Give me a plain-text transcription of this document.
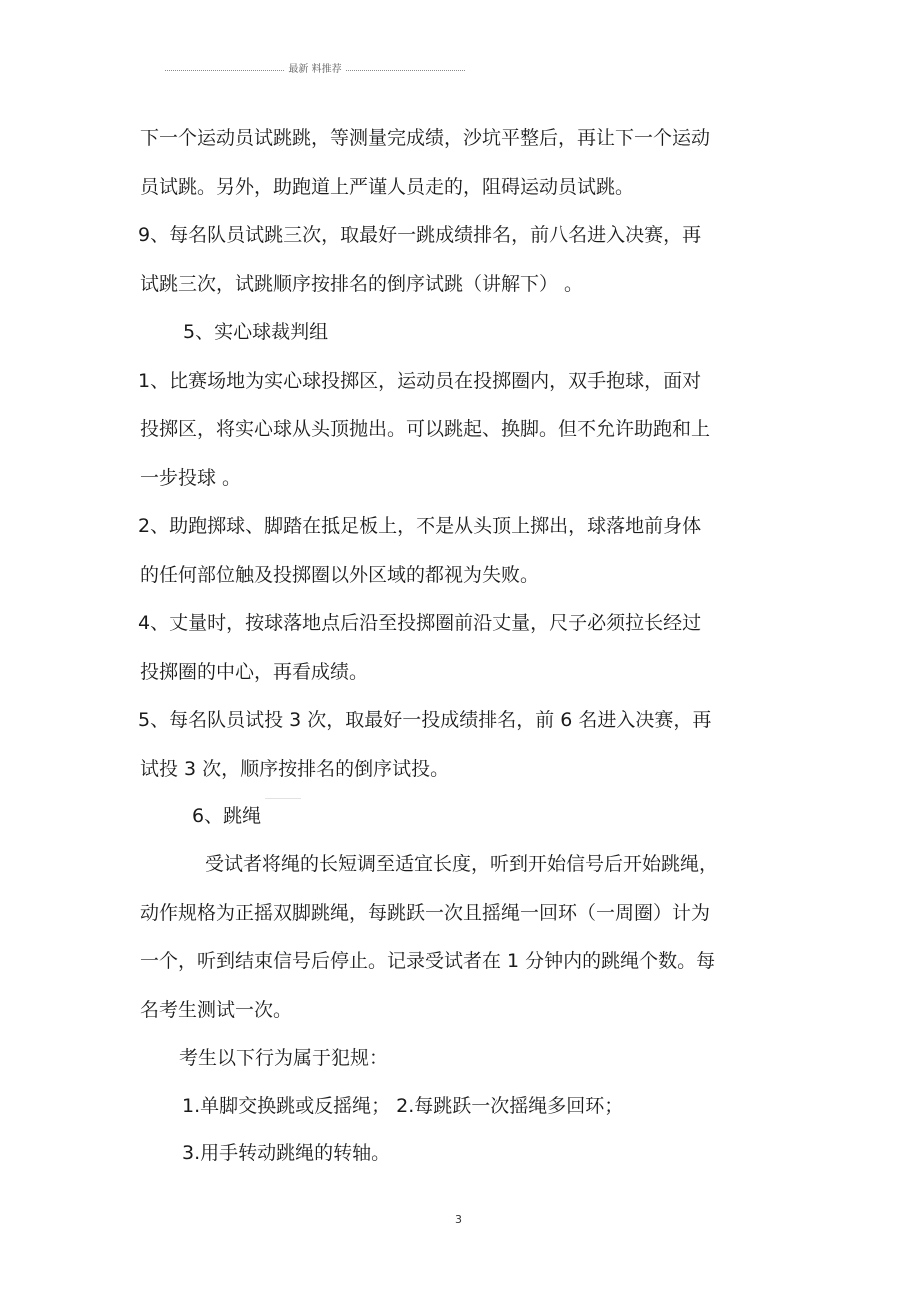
最新 料推荐
下一个运动员试跳跳，等测量完成绩，沙坑平整后，再让下一个运动
员试跳。另外，助跑道上严谨人员走的，阻碍运动员试跳。
9、每名队员试跳三次，取最好一跳成绩排名，前八名进入决赛，再
试跳三次，试跳顺序按排名的倒序试跳（讲解下） 。
5、实心球裁判组
1、比赛场地为实心球投掷区，运动员在投掷圈内，双手抱球，面对
投掷区，将实心球从头顶抛出。可以跳起、换脚。但不允许助跑和上
一步投球 。
2、助跑掷球、脚踏在抵足板上，不是从头顶上掷出，球落地前身体
的任何部位触及投掷圈以外区域的都视为失败。
4、丈量时，按球落地点后沿至投掷圈前沿丈量，尺子必须拉长经过
投掷圈的中心，再看成绩。
5、每名队员试投 3 次，取最好一投成绩排名，前 6 名进入决赛，再
试投 3 次，顺序按排名的倒序试投。
6、跳绳
受试者将绳的长短调至适宜长度，听到开始信号后开始跳绳，
动作规格为正摇双脚跳绳，每跳跃一次且摇绳一回环（一周圈）计为
一个，听到结束信号后停止。记录受试者在 1 分钟内的跳绳个数。每
名考生测试一次。
考生以下行为属于犯规：
1.单脚交换跳或反摇绳； 2.每跳跃一次摇绳多回环；
3.用手转动跳绳的转轴。
3
